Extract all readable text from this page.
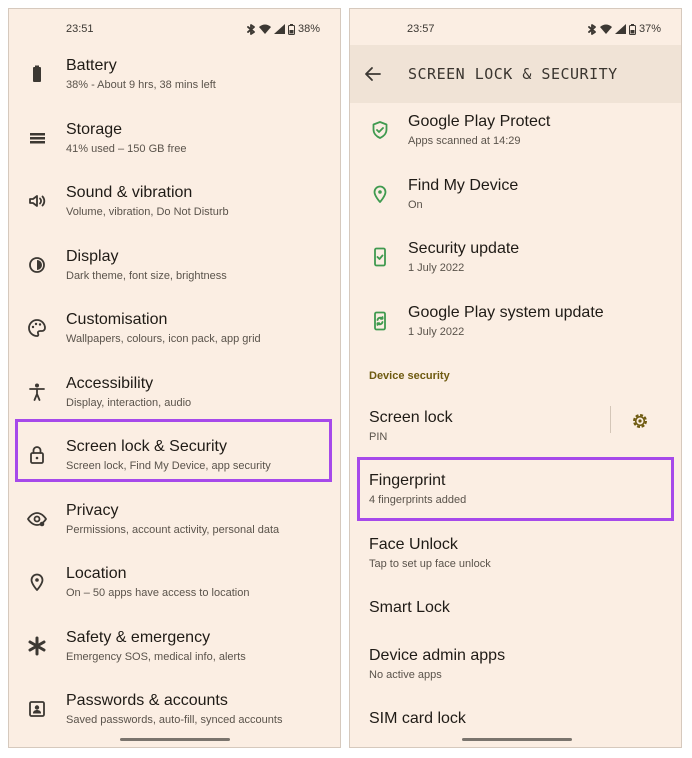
23:51	38%
Battery
38% - About 9 hrs, 38 mins left
Storage
41% used – 150 GB free
Sound & vibration
Volume, vibration, Do Not Disturb
Display
Dark theme, font size, brightness
Customisation
Wallpapers, colours, icon pack, app grid
Accessibility
Display, interaction, audio
Screen lock & Security
Screen lock, Find My Device, app security
Privacy
Permissions, account activity, personal data
Location
On – 50 apps have access to location
Safety & emergency
Emergency SOS, medical info, alerts
Passwords & accounts
Saved passwords, auto-fill, synced accounts
23:57	37%
SCREEN LOCK & SECURITY
Google Play Protect
Apps scanned at 14:29
Find My Device
On
Security update
1 July 2022
Google Play system update
1 July 2022
Device security
Screen lock
PIN
Fingerprint
4 fingerprints added
Face Unlock
Tap to set up face unlock
Smart Lock
Device admin apps
No active apps
SIM card lock
